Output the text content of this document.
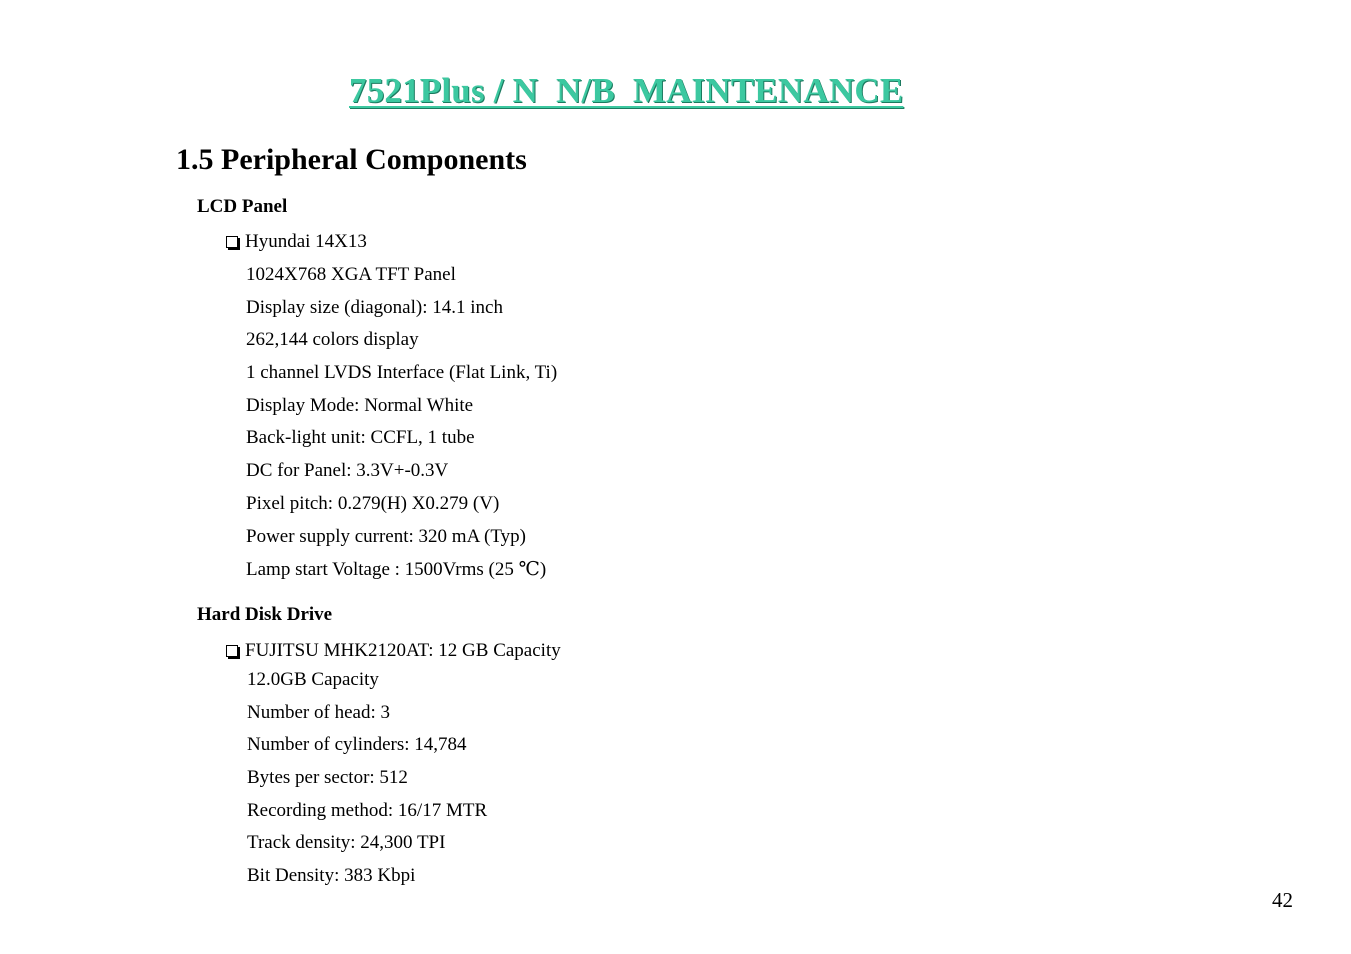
7521Plus / N  N/B  MAINTENANCE
1.5 Peripheral Components
LCD Panel
Hyundai 14X13
1024X768 XGA TFT Panel
Display size (diagonal): 14.1 inch
262,144 colors display
1 channel LVDS Interface (Flat Link, Ti)
Display Mode: Normal White
Back-light unit: CCFL, 1 tube
DC for Panel: 3.3V+-0.3V
Pixel pitch: 0.279(H) X0.279 (V)
Power supply current: 320 mA (Typ)
Lamp start Voltage : 1500Vrms (25 ℃)
Hard Disk Drive
FUJITSU MHK2120AT: 12 GB Capacity
12.0GB Capacity
Number of head: 3
Number of cylinders: 14,784
Bytes per sector: 512
Recording method: 16/17 MTR
Track density: 24,300 TPI
Bit Density: 383 Kbpi
42
